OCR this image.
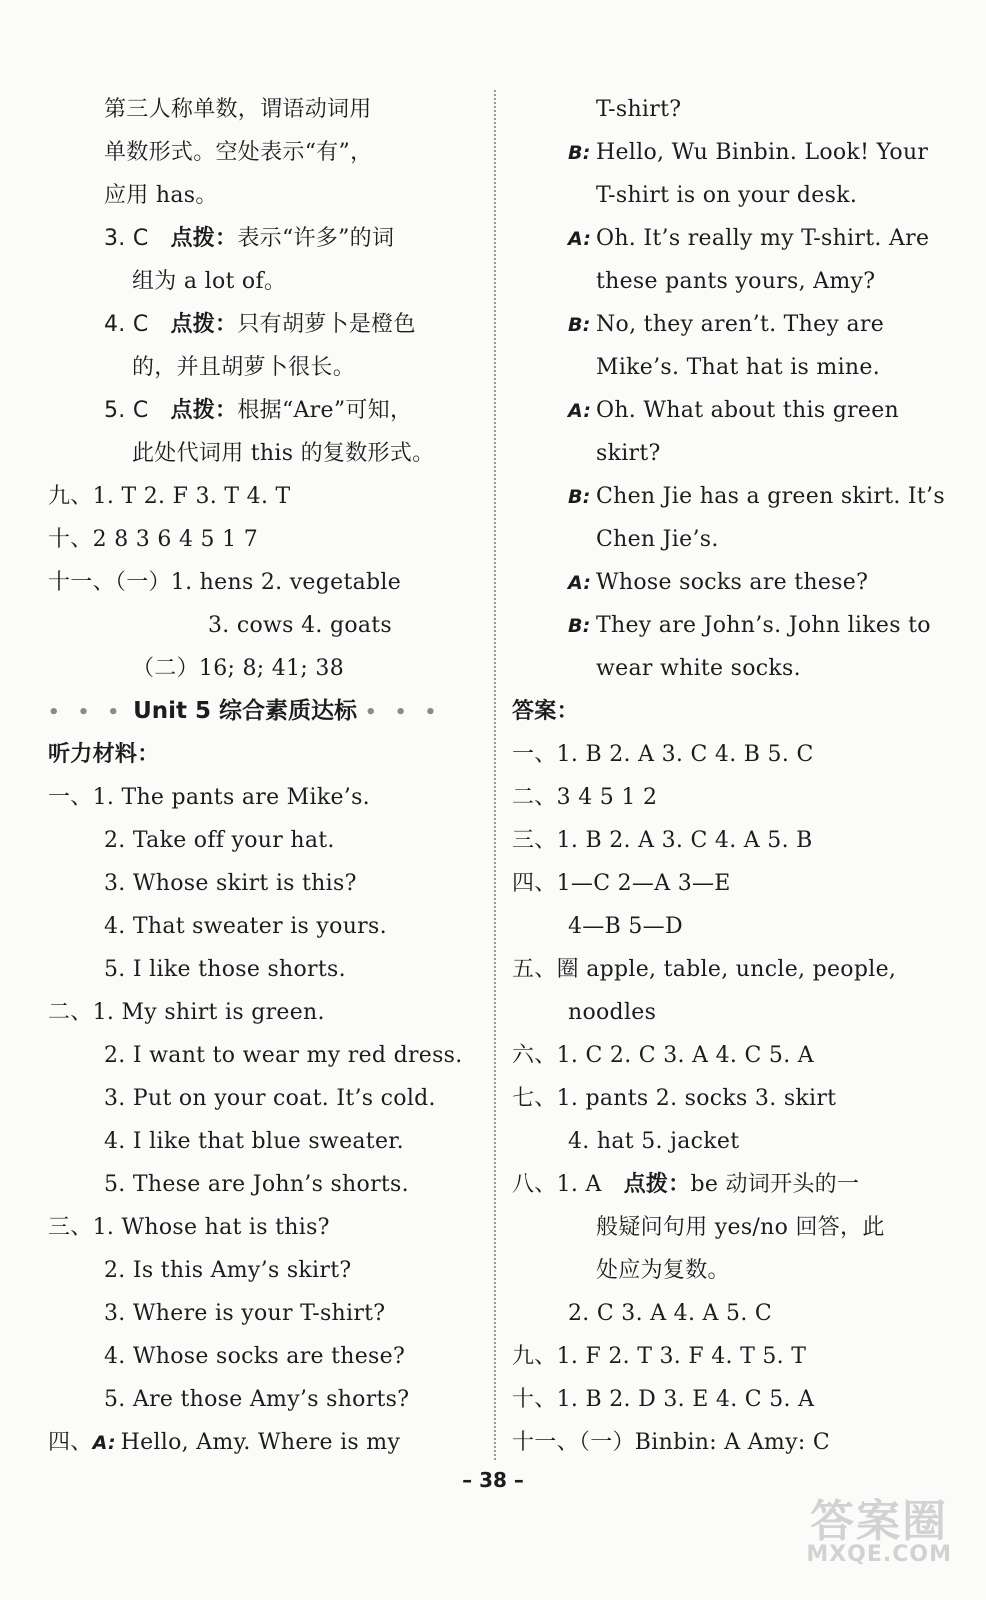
第三人称单数，谓语动词用
单数形式。空处表示“有”，
应用 has。
3. C 点拨：表示“许多”的词
组为 a lot of。
4. C 点拨：只有胡萝卜是橙色
的，并且胡萝卜很长。
5. C 点拨：根据“Are”可知，
此处代词用 this 的复数形式。
九、1. T 2. F 3. T 4. T
十、2 8 3 6 4 5 1 7
十一、（一）1. hens 2. vegetable
3. cows 4. goats
（二）16; 8; 41; 38
• • • Unit 5 综合素质达标 • • •
听力材料：
一、1. The pants are Mike’s.
2. Take off your hat.
3. Whose skirt is this?
4. That sweater is yours.
5. I like those shorts.
二、1. My shirt is green.
2. I want to wear my red dress.
3. Put on your coat. It’s cold.
4. I like that blue sweater.
5. These are John’s shorts.
三、1. Whose hat is this?
2. Is this Amy’s skirt?
3. Where is your T-shirt?
4. Whose socks are these?
5. Are those Amy’s shorts?
四、A: Hello, Amy. Where is my
T-shirt?
B: Hello, Wu Binbin. Look! Your
T-shirt is on your desk.
A: Oh. It’s really my T-shirt. Are
these pants yours, Amy?
B: No, they aren’t. They are
Mike’s. That hat is mine.
A: Oh. What about this green
skirt?
B: Chen Jie has a green skirt. It’s
Chen Jie’s.
A: Whose socks are these?
B: They are John’s. John likes to
wear white socks.
答案：
一、1. B 2. A 3. C 4. B 5. C
二、3 4 5 1 2
三、1. B 2. A 3. C 4. A 5. B
四、1—C 2—A 3—E
4—B 5—D
五、圈 apple, table, uncle, people,
noodles
六、1. C 2. C 3. A 4. C 5. A
七、1. pants 2. socks 3. skirt
4. hat 5. jacket
八、1. A 点拨：be 动词开头的一
般疑问句用 yes/no 回答，此
处应为复数。
2. C 3. A 4. A 5. C
九、1. F 2. T 3. F 4. T 5. T
十、1. B 2. D 3. E 4. C 5. A
十一、（一）Binbin: A Amy: C
– 38 –
答案圈
MXQE.COM
